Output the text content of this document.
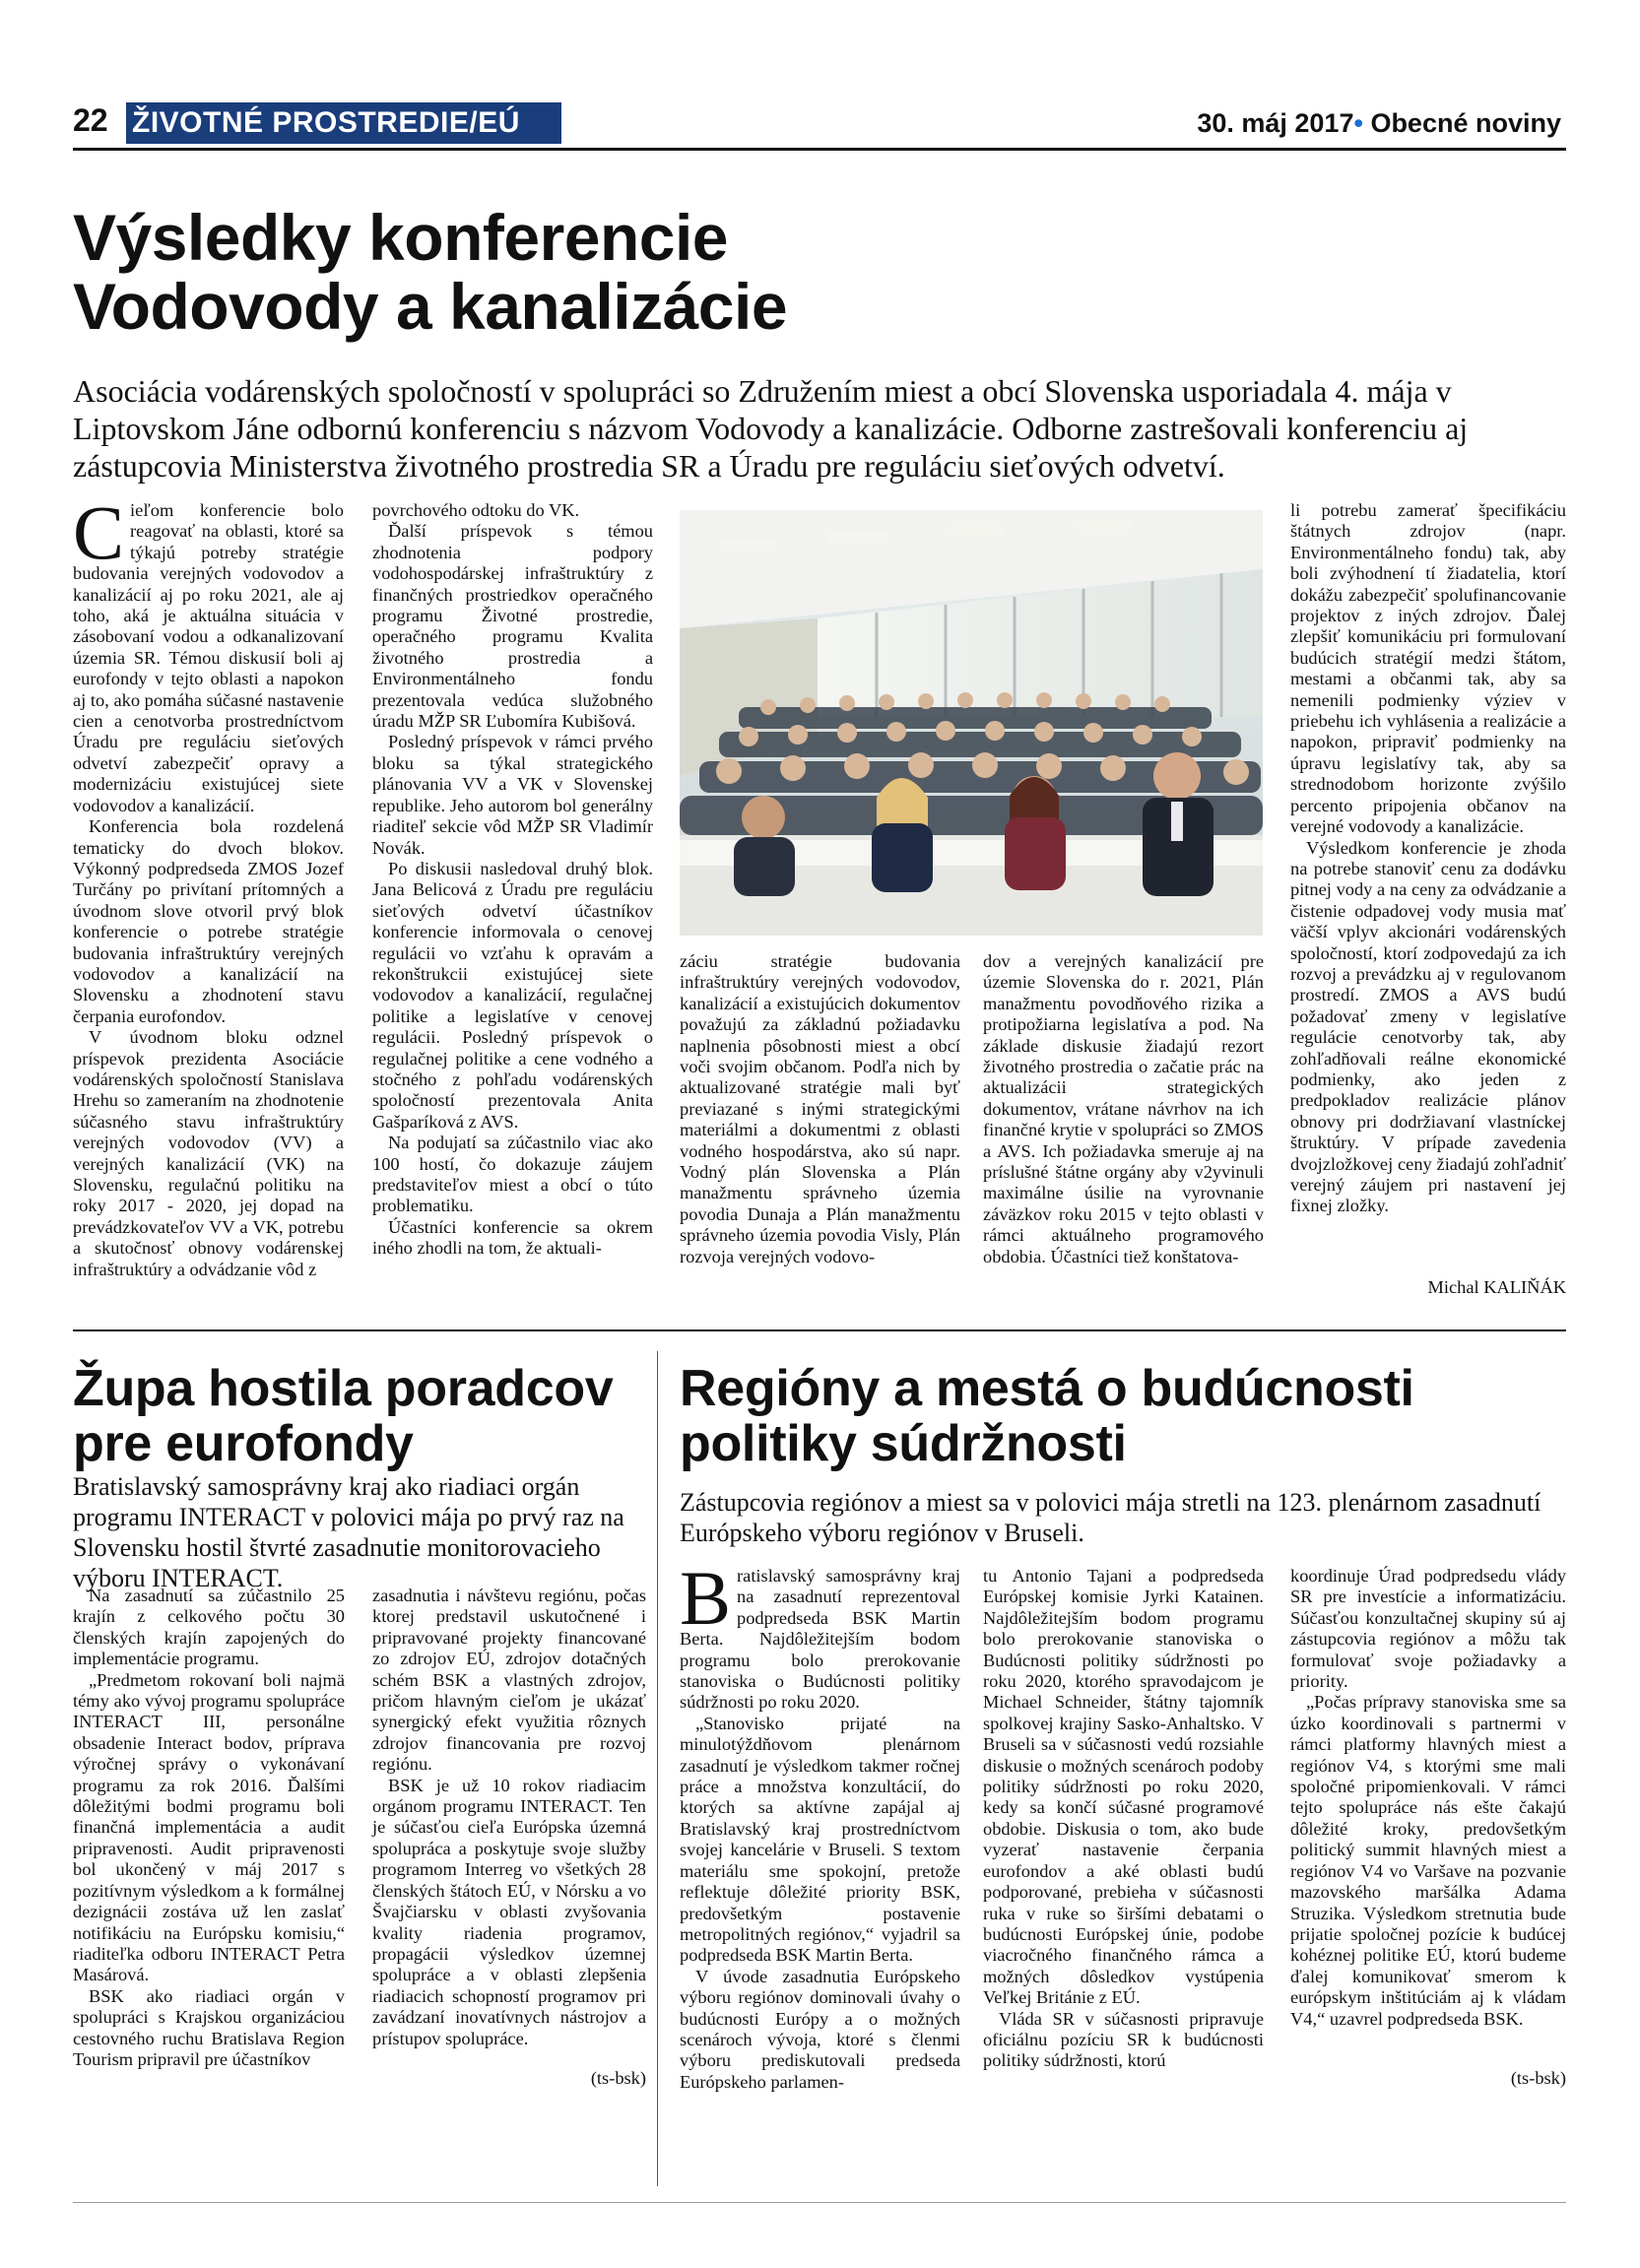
22 ŽIVOTNÉ PROSTREDIE/EÚ	30. máj 2017• Obecné noviny
Výsledky konferencie
Vodovody a kanalizácie
Asociácia vodárenských spoločností v spolupráci so Združením miest a obcí Slovenska usporiadala 4. mája v Liptovskom Jáne odbornú konferenciu s názvom Vodovody a kanalizácie. Odborne zastrešovali konferenciu aj zástupcovia Ministerstva životného prostredia SR a Úradu pre reguláciu sieťových odvetví.

Cieľom konferencie bolo reagovať na oblasti, ktoré sa týkajú potreby stratégie budovania verejných vodovodov a kanalizácií aj po roku 2021, ale aj toho, aká je aktuálna situácia v zásobovaní vodou a odkanalizovaní územia SR. Témou diskusií boli aj eurofondy v tejto oblasti a napokon aj to, ako pomáha súčasné nastavenie cien a cenotvorba prostredníctvom Úradu pre reguláciu sieťových odvetví zabezpečiť opravy a modernizáciu existujúcej siete vodovodov a kanalizácií.

Konferencia bola rozdelená tematicky do dvoch blokov. Výkonný podpredseda ZMOS Jozef Turčány po privítaní prítomných a úvodnom slove otvoril prvý blok konferencie o potrebe stratégie budovania infraštruktúry verejných vodovodov a kanalizácií na Slovensku a zhodnotení stavu čerpania eurofondov.

V úvodnom bloku odznel príspevok prezidenta Asociácie vodárenských spoločností Stanislava Hrehu so zameraním na zhodnotenie súčasného stavu infraštruktúry verejných vodovodov (VV) a verejných kanalizácií (VK) na Slovensku, regulačnú politiku na roky 2017 - 2020, jej dopad na prevádzkovateľov VV a VK, potrebu a skutočnosť obnovy vodárenskej infraštruktúry a odvádzanie vôd z

povrchového odtoku do VK.

Ďalší príspevok s témou zhodnotenia podpory vodohospodárskej infraštruktúry z finančných prostriedkov operačného programu Životné prostredie, operačného programu Kvalita životného prostredia a Environmentálneho fondu prezentovala vedúca služobného úradu MŽP SR Ľubomíra Kubišová.

Posledný príspevok v rámci prvého bloku sa týkal strategického plánovania VV a VK v Slovenskej republike. Jeho autorom bol generálny riaditeľ sekcie vôd MŽP SR Vladimír Novák.

Po diskusii nasledoval druhý blok. Jana Belicová z Úradu pre reguláciu sieťových odvetví účastníkov konferencie informovala o cenovej regulácii vo vzťahu k opravám a rekonštrukcii existujúcej siete vodovodov a kanalizácií, regulačnej politike a legislatíve v cenovej regulácii. Posledný príspevok o regulačnej politike a cene vodného a stočného z pohľadu vodárenských spoločností prezentovala Anita Gašparíková z AVS.

Na podujatí sa zúčastnilo viac ako 100 hostí, čo dokazuje záujem predstaviteľov miest a obcí o túto problematiku.

Účastníci konferencie sa okrem iného zhodli na tom, že aktuali-

záciu stratégie budovania infraštruktúry verejných vodovodov, kanalizácií a existujúcich dokumentov považujú za základnú požiadavku naplnenia pôsobnosti miest a obcí voči svojim občanom. Podľa nich by aktualizované stratégie mali byť previazané s inými strategickými materiálmi a dokumentmi z oblasti vodného hospodárstva, ako sú napr. Vodný plán Slovenska a Plán manažmentu správneho územia povodia Dunaja a Plán manažmentu správneho územia povodia Visly, Plán rozvoja verejných vodovo-

dov a verejných kanalizácií pre územie Slovenska do r. 2021, Plán manažmentu povodňového rizika a protipožiarna legislatíva a pod. Na základe diskusie žiadajú rezort životného prostredia o začatie prác na aktualizácii strategických dokumentov, vrátane návrhov na ich finančné krytie v spolupráci so ZMOS a AVS. Ich požiadavka smeruje aj na príslušné štátne orgány aby v2yvinuli maximálne úsilie na vyrovnanie záväzkov roku 2015 v tejto oblasti v rámci aktuálneho programového obdobia. Účastníci tiež konštatova-

li potrebu zamerať špecifikáciu štátnych zdrojov (napr. Environmentálneho fondu) tak, aby boli zvýhodnení tí žiadatelia, ktorí dokážu zabezpečiť spolufinancovanie projektov z iných zdrojov. Ďalej zlepšiť komunikáciu pri formulovaní budúcich stratégií medzi štátom, mestami a občanmi tak, aby sa nemenili podmienky výziev v priebehu ich vyhlásenia a realizácie a napokon, pripraviť podmienky na úpravu legislatívy tak, aby sa strednodobom horizonte zvýšilo percento pripojenia občanov na verejné vodovody a kanalizácie.

Výsledkom konferencie je zhoda na potrebe stanoviť cenu za dodávku pitnej vody a na ceny za odvádzanie a čistenie odpadovej vody musia mať väčší vplyv akcionári vodárenských spoločností, ktorí zodpovedajú za ich rozvoj a prevádzku aj v regulovanom prostredí. ZMOS a AVS budú požadovať zmeny v legislatíve regulácie cenotvorby tak, aby zohľadňovali reálne ekonomické podmienky, ako jeden z predpokladov realizácie plánov obnovy pri dodržiavaní vlastníckej štruktúry. V prípade zavedenia dvojzložkovej ceny žiadajú zohľadniť verejný záujem pri nastavení jej fixnej zložky.

Michal KALIŇÁK
Župa hostila poradcov
pre eurofondy
Bratislavský samosprávny kraj ako riadiaci orgán programu INTERACT v polovici mája po prvý raz na Slovensku hostil štvrté zasadnutie monitorovacieho výboru INTERACT.

Na zasadnutí sa zúčastnilo 25 krajín z celkového počtu 30 členských krajín zapojených do implementácie programu.

„Predmetom rokovaní boli najmä témy ako vývoj programu spolupráce INTERACT III, personálne obsadenie Interact bodov, príprava výročnej správy o vykonávaní programu za rok 2016. Ďalšími dôležitými bodmi programu boli finančná implementácia a audit pripravenosti. Audit pripravenosti bol ukončený v máj 2017 s pozitívnym výsledkom a k formálnej dezignácii zostáva už len zaslať notifikáciu na Európsku komisiu,“ riaditeľka odboru INTERACT Petra Masárová.

BSK ako riadiaci orgán v spolupráci s Krajskou organizáciou cestovného ruchu Bratislava Region Tourism pripravil pre účastníkov

zasadnutia i návštevu regiónu, počas ktorej predstavil uskutočnené i pripravované projekty financované zo zdrojov EÚ, zdrojov dotačných schém BSK a vlastných zdrojov, pričom hlavným cieľom je ukázať synergický efekt využitia rôznych zdrojov financovania pre rozvoj regiónu.

BSK je už 10 rokov riadiacim orgánom programu INTERACT. Ten je súčasťou cieľa Európska územná spolupráca a poskytuje svoje služby programom Interreg vo všetkých 28 členských štátoch EÚ, v Nórsku a vo Švajčiarsku v oblasti zvyšovania kvality riadenia programov, propagácii výsledkov územnej spolupráce a v oblasti zlepšenia riadiacich schopností programov pri zavádzaní inovatívnych nástrojov a prístupov spolupráce.

(ts-bsk)
Regióny a mestá o budúcnosti
politiky súdržnosti
Zástupcovia regiónov a miest sa v polovici mája stretli na 123. plenárnom zasadnutí Európskeho výboru regiónov v Bruseli.

Bratislavský samosprávny kraj na zasadnutí reprezentoval podpredseda BSK Martin Berta. Najdôležitejším bodom programu bolo prerokovanie stanoviska o Budúcnosti politiky súdržnosti po roku 2020.

„Stanovisko prijaté na minulotýždňovom plenárnom zasadnutí je výsledkom takmer ročnej práce a množstva konzultácií, do ktorých sa aktívne zapájal aj Bratislavský kraj prostredníctvom svojej kancelárie v Bruseli. S textom materiálu sme spokojní, pretože reflektuje dôležité priority BSK, predovšetkým postavenie metropolitných regiónov,“ vyjadril sa podpredseda BSK Martin Berta.

V úvode zasadnutia Európskeho výboru regiónov dominovali úvahy o budúcnosti Európy a o možných scenároch vývoja, ktoré s členmi výboru prediskutovali predseda Európskeho parlamen-

tu Antonio Tajani a podpredseda Európskej komisie Jyrki Katainen. Najdôležitejším bodom programu bolo prerokovanie stanoviska o Budúcnosti politiky súdržnosti po roku 2020, ktorého spravodajcom je Michael Schneider, štátny tajomník spolkovej krajiny Sasko-Anhaltsko. V Bruseli sa v súčasnosti vedú rozsiahle diskusie o možných scenároch podoby politiky súdržnosti po roku 2020, kedy sa končí súčasné programové obdobie. Diskusia o tom, ako bude vyzerať nastavenie čerpania eurofondov a aké oblasti budú podporované, prebieha v súčasnosti ruka v ruke so širšími debatami o budúcnosti Európskej únie, podobe viacročného finančného rámca a možných dôsledkov vystúpenia Veľkej Británie z EÚ.

Vláda SR v súčasnosti pripravuje oficiálnu pozíciu SR k budúcnosti politiky súdržnosti, ktorú

koordinuje Úrad podpredsedu vlády SR pre investície a informatizáciu. Súčasťou konzultačnej skupiny sú aj zástupcovia regiónov a môžu tak formulovať svoje požiadavky a priority.

„Počas prípravy stanoviska sme sa úzko koordinovali s partnermi v rámci platformy hlavných miest a regiónov V4, s ktorými sme mali spoločné pripomienkovali. V rámci tejto spolupráce nás ešte čakajú dôležité kroky, predovšetkým politický summit hlavných miest a regiónov V4 vo Varšave na pozvanie mazovského maršálka Adama Struzika. Výsledkom stretnutia bude prijatie spoločnej pozície k budúcej kohéznej politike EÚ, ktorú budeme ďalej komunikovať smerom k európskym inštitúciám aj k vládam V4,“ uzavrel podpredseda BSK.

(ts-bsk)
